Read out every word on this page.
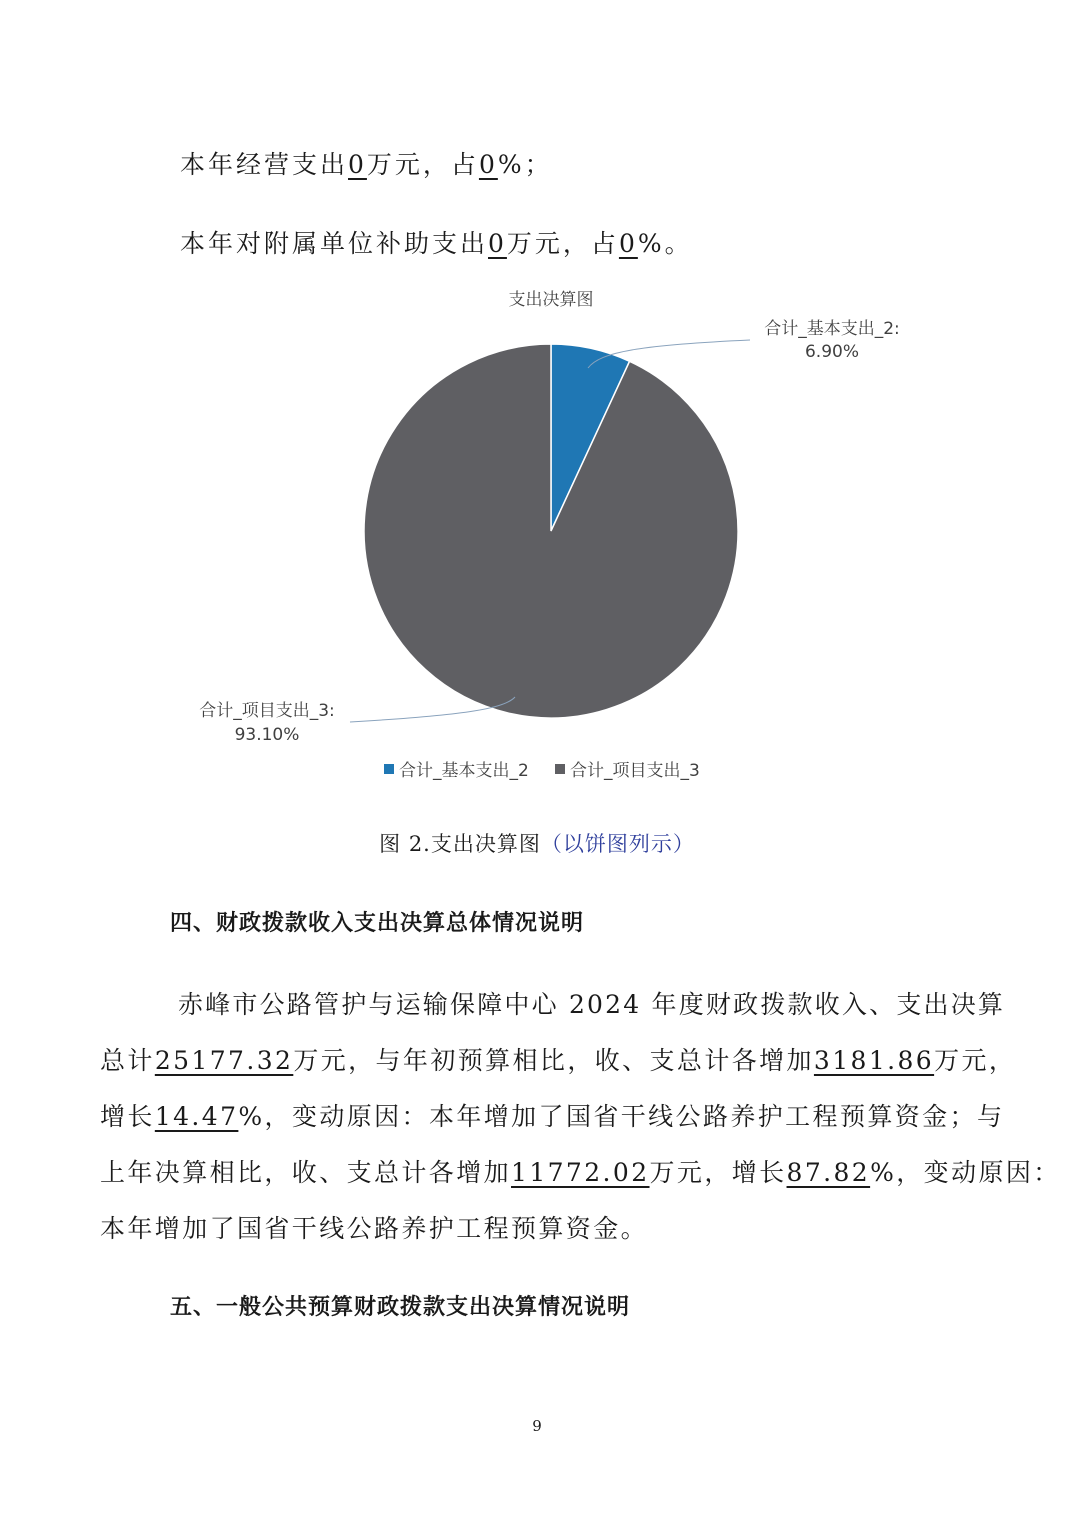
本年经营支出0万元，占0%；
本年对附属单位补助支出0万元，占0%。
支出决算图
合计_基本支出_2:
6.90%
合计_项目支出_3:
93.10%
合计_基本支出_2 合计_项目支出_3
图 2.支出决算图（以饼图列示）
四、财政拨款收入支出决算总体情况说明
赤峰市公路管护与运输保障中心 2024 年度财政拨款收入、支出决算
总计25177.32万元，与年初预算相比，收、支总计各增加3181.86万元，
增长14.47%，变动原因：本年增加了国省干线公路养护工程预算资金；与
上年决算相比，收、支总计各增加11772.02万元，增长87.82%，变动原因：
本年增加了国省干线公路养护工程预算资金。
五、一般公共预算财政拨款支出决算情况说明
9
